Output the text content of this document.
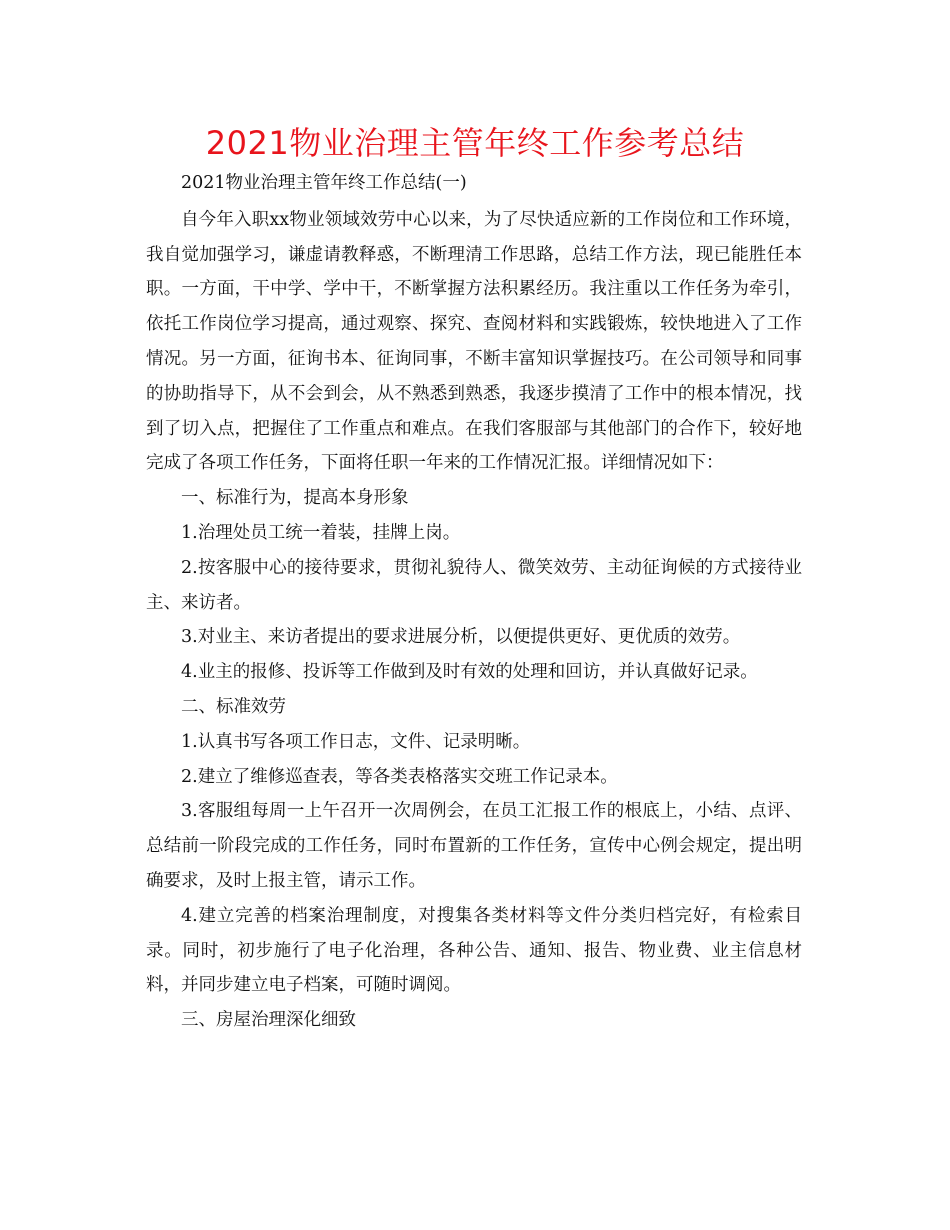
2021物业治理主管年终工作参考总结

2021物业治理主管年终工作总结(一)

自今年入职xx物业领域效劳中心以来，为了尽快适应新的工作岗位和工作环境，我自觉加强学习，谦虚请教释惑，不断理清工作思路，总结工作方法，现已能胜任本职。一方面，干中学、学中干，不断掌握方法积累经历。我注重以工作任务为牵引，依托工作岗位学习提高，通过观察、探究、查阅材料和实践锻炼，较快地进入了工作情况。另一方面，征询书本、征询同事，不断丰富知识掌握技巧。在公司领导和同事的协助指导下，从不会到会，从不熟悉到熟悉，我逐步摸清了工作中的根本情况，找到了切入点，把握住了工作重点和难点。在我们客服部与其他部门的合作下，较好地完成了各项工作任务，下面将任职一年来的工作情况汇报。详细情况如下：

一、标准行为，提高本身形象

1.治理处员工统一着装，挂牌上岗。

2.按客服中心的接待要求，贯彻礼貌待人、微笑效劳、主动征询候的方式接待业主、来访者。

3.对业主、来访者提出的要求进展分析，以便提供更好、更优质的效劳。

4.业主的报修、投诉等工作做到及时有效的处理和回访，并认真做好记录。

二、标准效劳

1.认真书写各项工作日志，文件、记录明晰。

2.建立了维修巡查表，等各类表格落实交班工作记录本。

3.客服组每周一上午召开一次周例会，在员工汇报工作的根底上，小结、点评、总结前一阶段完成的工作任务，同时布置新的工作任务，宣传中心例会规定，提出明确要求，及时上报主管，请示工作。

4.建立完善的档案治理制度，对搜集各类材料等文件分类归档完好，有检索目录。同时，初步施行了电子化治理，各种公告、通知、报告、物业费、业主信息材料，并同步建立电子档案，可随时调阅。

三、房屋治理深化细致
